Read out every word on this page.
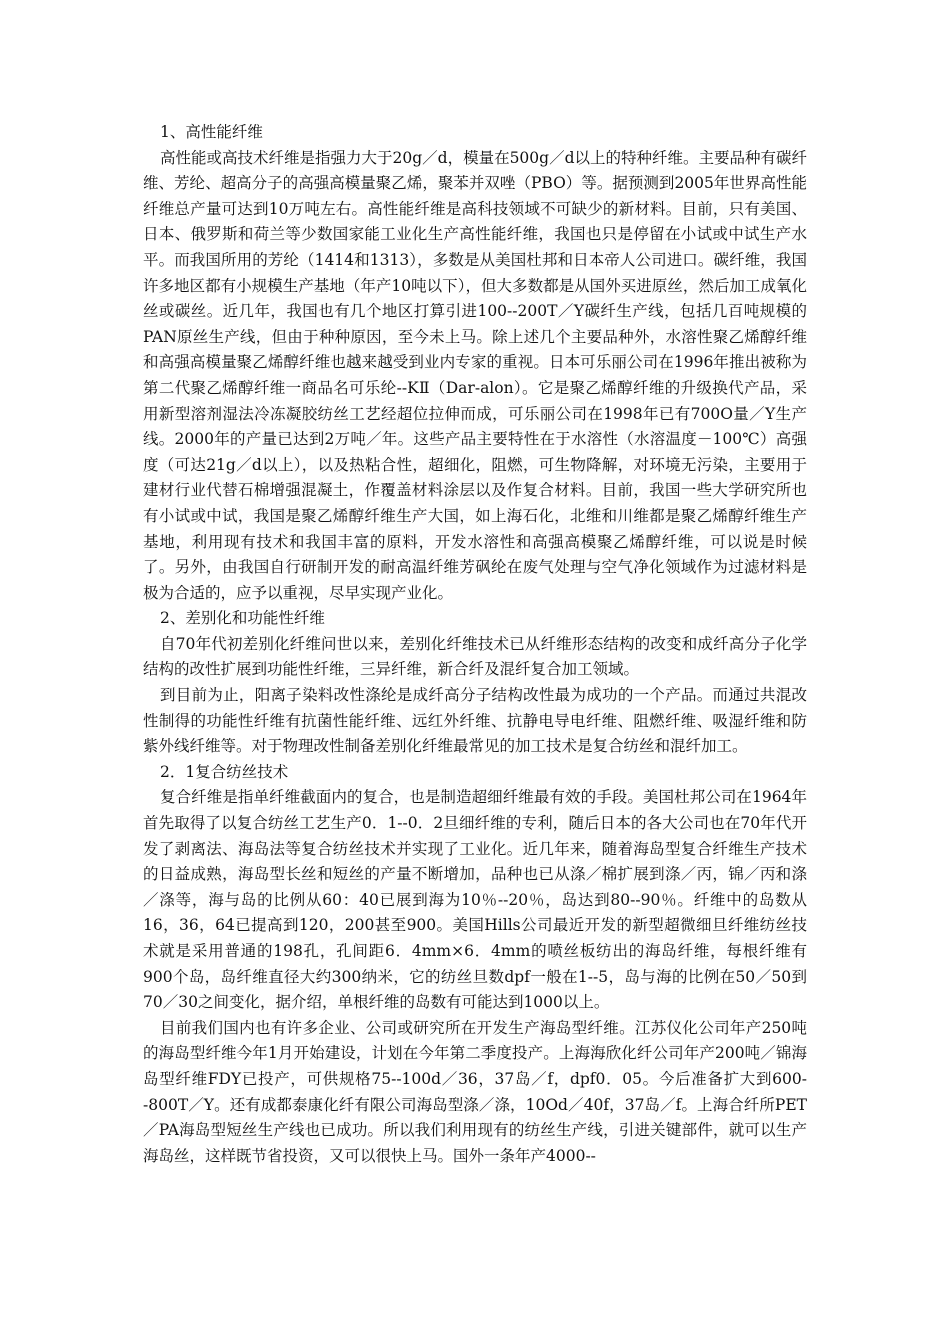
1、高性能纤维

高性能或高技术纤维是指强力大于20g／d，模量在500g／d以上的特种纤维。主要品种有碳纤维、芳纶、超高分子的高强高模量聚乙烯，聚苯并双唑（PBO）等。据预测到2005年世界高性能纤维总产量可达到10万吨左右。高性能纤维是高科技领域不可缺少的新材料。目前，只有美国、日本、俄罗斯和荷兰等少数国家能工业化生产高性能纤维，我国也只是停留在小试或中试生产水平。而我国所用的芳纶（1414和1313），多数是从美国杜邦和日本帝人公司进口。碳纤维，我国许多地区都有小规模生产基地（年产10吨以下），但大多数都是从国外买进原丝，然后加工成氧化丝或碳丝。近几年，我国也有几个地区打算引进100--200T／Y碳纤生产线，包括几百吨规模的PAN原丝生产线，但由于种种原因，至今未上马。除上述几个主要品种外，水溶性聚乙烯醇纤维和高强高模量聚乙烯醇纤维也越来越受到业内专家的重视。日本可乐丽公司在1996年推出被称为第二代聚乙烯醇纤维一商品名可乐纶--KⅡ（Dar-alon）。它是聚乙烯醇纤维的升级换代产品，采用新型溶剂湿法冷冻凝胶纺丝工艺经超位拉伸而成，可乐丽公司在1998年已有700O量／Y生产线。2000年的产量已达到2万吨／年。这些产品主要特性在于水溶性（水溶温度－100℃）高强度（可达21g／d以上），以及热粘合性，超细化，阻燃，可生物降解，对环境无污染，主要用于建材行业代替石棉增强混凝土，作覆盖材料涂层以及作复合材料。目前，我国一些大学研究所也有小试或中试，我国是聚乙烯醇纤维生产大国，如上海石化，北维和川维都是聚乙烯醇纤维生产基地，利用现有技术和我国丰富的原料，开发水溶性和高强高模聚乙烯醇纤维，可以说是时候了。另外，由我国自行研制开发的耐高温纤维芳砜纶在废气处理与空气净化领域作为过滤材料是极为合适的，应予以重视，尽早实现产业化。

2、差别化和功能性纤维

自70年代初差别化纤维问世以来，差别化纤维技术已从纤维形态结构的改变和成纤高分子化学结构的改性扩展到功能性纤维，三异纤维，新合纤及混纤复合加工领域。

到目前为止，阳离子染料改性涤纶是成纤高分子结构改性最为成功的一个产品。而通过共混改性制得的功能性纤维有抗菌性能纤维、远红外纤维、抗静电导电纤维、阻燃纤维、吸湿纤维和防紫外线纤维等。对于物理改性制备差别化纤维最常见的加工技术是复合纺丝和混纤加工。

2．1复合纺丝技术

复合纤维是指单纤维截面内的复合，也是制造超细纤维最有效的手段。美国杜邦公司在1964年首先取得了以复合纺丝工艺生产0．1--0．2旦细纤维的专利，随后日本的各大公司也在70年代开发了剥离法、海岛法等复合纺丝技术并实现了工业化。近几年来，随着海岛型复合纤维生产技术的日益成熟，海岛型长丝和短丝的产量不断增加，品种也已从涤／棉扩展到涤／丙，锦／丙和涤／涤等，海与岛的比例从60：40已展到海为10％--20％，岛达到80--90％。纤维中的岛数从16，36，64已提高到120，200甚至900。美国Hills公司最近开发的新型超微细旦纤维纺丝技术就是采用普通的198孔，孔间距6．4mm×6．4mm的喷丝板纺出的海岛纤维，每根纤维有900个岛，岛纤维直径大约300纳米，它的纺丝旦数dpf一般在1--5，岛与海的比例在50／50到70／30之间变化，据介绍，单根纤维的岛数有可能达到1000以上。

目前我们国内也有许多企业、公司或研究所在开发生产海岛型纤维。江苏仪化公司年产250吨的海岛型纤维今年1月开始建设，计划在今年第二季度投产。上海海欣化纤公司年产200吨／锦海岛型纤维FDY已投产，可供规格75--100d／36，37岛／f，dpf0．05。今后准备扩大到600--800T／Y。还有成都泰康化纤有限公司海岛型涤／涤，10Od／40f，37岛／f。上海合纤所PET／PA海岛型短丝生产线也已成功。所以我们利用现有的纺丝生产线，引进关键部件，就可以生产海岛丝，这样既节省投资，又可以很快上马。国外一条年产4000--
